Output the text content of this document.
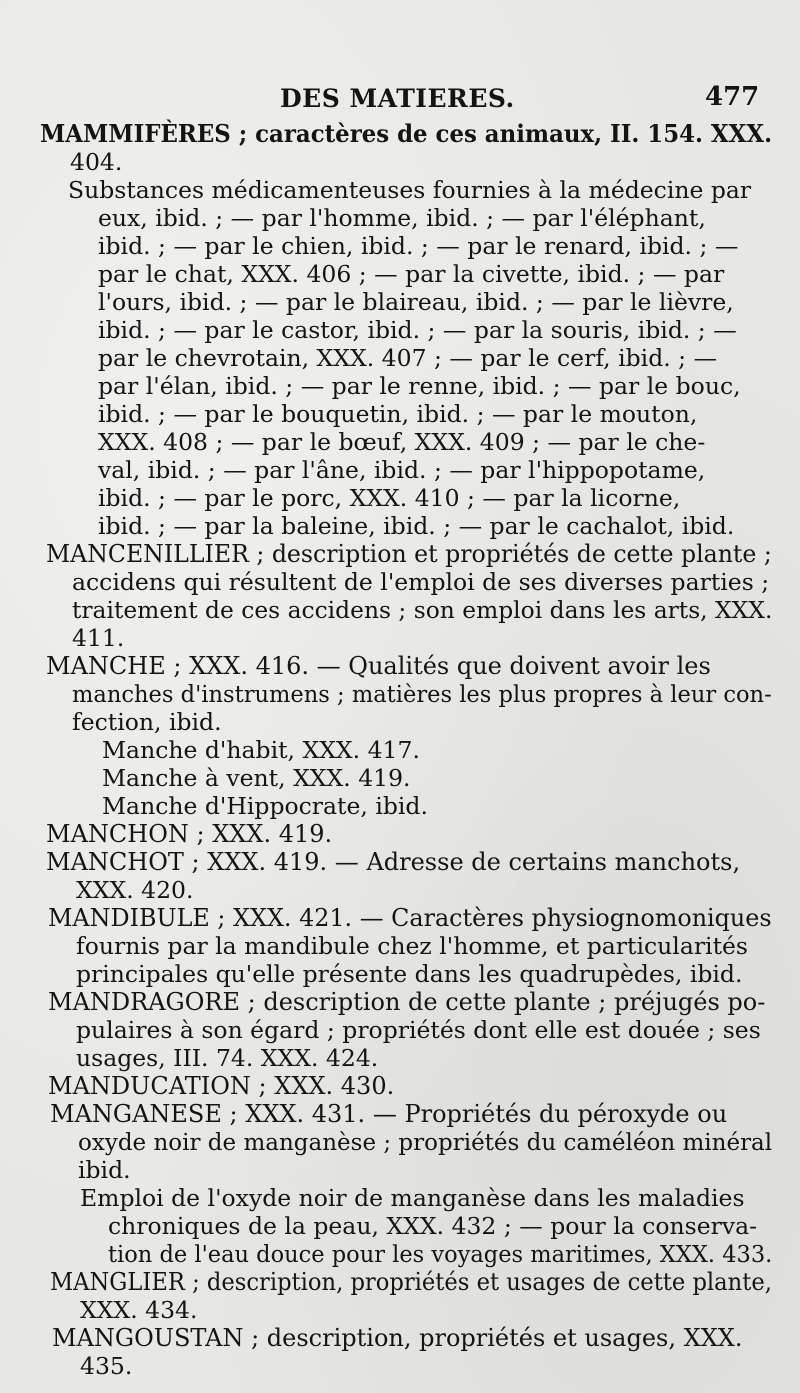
DES MATIERES.	477
MAMMIFÈRES ; caractères de ces animaux, II. 154. XXX.
404.
Substances médicamenteuses fournies à la médecine par
eux, ibid. ; — par l'homme, ibid. ; — par l'éléphant,
ibid. ; — par le chien, ibid. ; — par le renard, ibid. ; —
par le chat, XXX. 406 ; — par la civette, ibid. ; — par
l'ours, ibid. ; — par le blaireau, ibid. ; — par le lièvre,
ibid. ; — par le castor, ibid. ; — par la souris, ibid. ; —
par le chevrotain, XXX. 407 ; — par le cerf, ibid. ; —
par l'élan, ibid. ; — par le renne, ibid. ; — par le bouc,
ibid. ; — par le bouquetin, ibid. ; — par le mouton,
XXX. 408 ; — par le bœuf, XXX. 409 ; — par le che-
val, ibid. ; — par l'âne, ibid. ; — par l'hippopotame,
ibid. ; — par le porc, XXX. 410 ; — par la licorne,
ibid. ; — par la baleine, ibid. ; — par le cachalot, ibid.
MANCENILLIER ; description et propriétés de cette plante ;
accidens qui résultent de l'emploi de ses diverses parties ;
traitement de ces accidens ; son emploi dans les arts, XXX.
411.
MANCHE ; XXX. 416. — Qualités que doivent avoir les
manches d'instrumens ; matières les plus propres à leur con-
fection, ibid.
Manche d'habit, XXX. 417.
Manche à vent, XXX. 419.
Manche d'Hippocrate, ibid.
MANCHON ; XXX. 419.
MANCHOT ; XXX. 419. — Adresse de certains manchots,
XXX. 420.
MANDIBULE ; XXX. 421. — Caractères physiognomoniques
fournis par la mandibule chez l'homme, et particularités
principales qu'elle présente dans les quadrupèdes, ibid.
MANDRAGORE ; description de cette plante ; préjugés po-
pulaires à son égard ; propriétés dont elle est douée ; ses
usages, III. 74. XXX. 424.
MANDUCATION ; XXX. 430.
MANGANESE ; XXX. 431. — Propriétés du péroxyde ou
oxyde noir de manganèse ; propriétés du caméléon minéral
ibid.
Emploi de l'oxyde noir de manganèse dans les maladies
chroniques de la peau, XXX. 432 ; — pour la conserva-
tion de l'eau douce pour les voyages maritimes, XXX. 433.
MANGLIER ; description, propriétés et usages de cette plante,
XXX. 434.
MANGOUSTAN ; description, propriétés et usages, XXX.
435.
